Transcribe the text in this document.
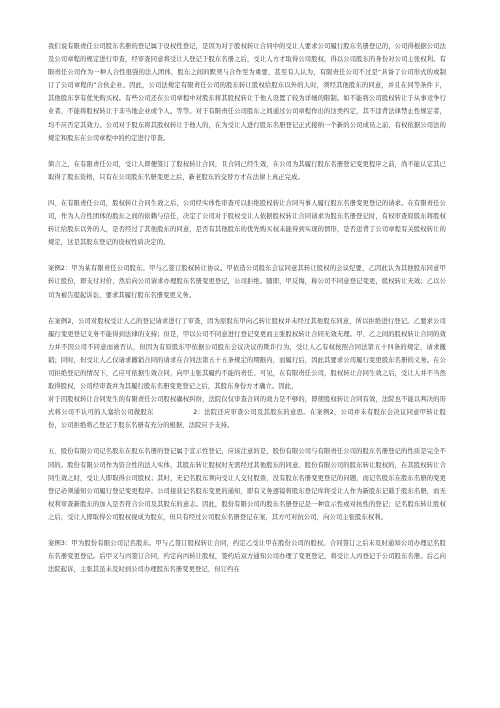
我们说有限责任公司股东名册的登记属于设权性登记，是因为对于股权转让合同中的受让人要求公司履行股东名册登记的，公司得根据公司法及公司章程的规定进行审查，经审查同意将受让人登记于股东名册之后，受让人方才取得公司股权，得以公司股东的身份对公司主张权利。有限责任公司作为一种人合性很强的法人团体，股东之间的默契与合作至为重要，甚至有人认为，有限责任公司不过是“具备了公司形式的或制订了公司章程的”合伙企业。因此，公司法规定有限责任公司的股东转让股权给股东以外的人时，须经其他股东的同意，并且在同等条件下，其他股东享有优先购买权。有些公司还在公司章程中对股东将其股权转让于他人设置了较为详细的限制。如不能将公司股权转让于从事竞争行业者，不能将股权转让于非当地企业或个人。等等。对于有限责任公司股东之间通过公司章程作出的这类约定，其不违背法律禁止性规定者，均不应否定其效力。公司对于股东将其股权转让于他人的，在为受让人进行股东名册登记正式接纳一个新的公司成员之前，有权依据公司法的规定和股东在公司章程中的约定进行审查。

简言之，在有限责任公司，受让人即便签订了股权转让合同，且合同已经生效，在公司为其履行股东名册登记变更程序之前，尚不能认定其已取得了股东资格，只有在公司股东名册变更之后，新老股东的交替方才在法律上真正完成。

四、在有限责任公司，股权转让合同生效之后，公司经实体性审查可以拒绝股权转让合同当事人履行股东名册变更登记的请求。在有限责任公司，作为人合性团体的股东之间的依赖与信任，决定了公司对于股权受让人依据股权转让合同请求为股东名册登记时，有权审查原股东将股权转让给股东以外的人，是否经过了其他股东的同意，是否有其他股东的优先购买权未能得到实现的情形，是否违背了公司章程有关股权转让的规定，这是其股东登记的设权性质决定的。

案例2：甲为某有限责任公司股东。甲与乙签订股权转让协议。甲依造公司股东会议同意其转让股权的会议纪要，乙因此认为其他股东同意甲转让股份，即支付对价，然后向公司请求办理股东名册变更登记，公司拒绝。随即，甲反悔，称公司不同意登记变更，股权转让无效；乙以公司为被告提起诉讼，要求其履行股东名册变更义务。

在案例2，公司对股权受让人乙的登记请求进行了审查，因为原股东甲向乙转让股权并未经过其他股东同意，所以拒绝进行登记。乙要求公司履行变更登记义务不能得到法律的支持；但是，甲以公司不同意进行登记变更而主张股权转让合同无效无理。甲、乙之间的股权转让合同的效力并不因公司不同意而被否认，但因为有原股东甲依据公司股东会议决议的欺诈行为，受让人乙有权按照合同法第五十四条的规定，请求撤销；同时，但受让人乙仅请求撤销合同的请求在合同法第五十五条规定的期限内，而履行后，因此其要求公司履行变更股东名册的义务。在公司拒绝登记的情况下，乙应可依据生效合同，向甲主张其履约不能的责任。可见，在有限责任公司，股权转让合同生效之后，受让人并不当然取得股权，公司经审查并为其履行股东名册变更登记之后，其股东身份方才确立。因此，

对于因股权转让合同发生的有限责任公司股权确权纠纷，法院仅仅审查合同的效力是不够的，即使股权转让合同有效，法院也不能以判决的形式将公司不认可的人塞给公司做股东　　　　　　2：法院还应审查公司及其股东的意思。在案例2，公司并未有股东会决议同意甲转让股份，公司拒绝将乙登记于股东名册有充分的根据，法院应予支持。

五、股份有限公司记名股东在股东名册的登记属于宣示性登记，应该注意的是，股份有限公司与有限责任公司的股东名册登记的性质是完全不同的。股份有限公司作为资合性的法人实体，其股东转让股权时无需经过其他股东的同意。股份有限公司的股东转让股权的，在其股权转让合同生效之时，受让人即取得公司股权；其时，无记名股东须向受让人交付股票，没有股东名册变更登记的问题，而记名股东在股东名册的变更登记必须通知公司履行登记变更程序。公司接获记名股东变更的通知，即有义务逐镜将股东登记库将受让人作为新股东记载于股东名册，而无权利审查新股东的加入是否符合公司及其股东的意志。因此，股份有限公司的股东名册登记是一种宣示性或对抗性的登记；记名股东转让股权之后，受让人即取得公司股权视成为股东，但只有经过公司股东名册登记在案，其方可对抗公司，向公司主张股东权利。

案例3：甲为股份有限公司记名股东。甲与乙签订股权转让合同，约定乙受让甲在股份公司的股权。合同签订之后未及时通知公司办理记名股东名册变更登记。后甲又与丙签订合同，约定向丙转让股权，签约后双方通知公司办理了变更登记，将受让人丙登记于公司股东名册。后乙向法院起诉，主张其虽未及时到公司办理股东名册变更登记，但订约在
